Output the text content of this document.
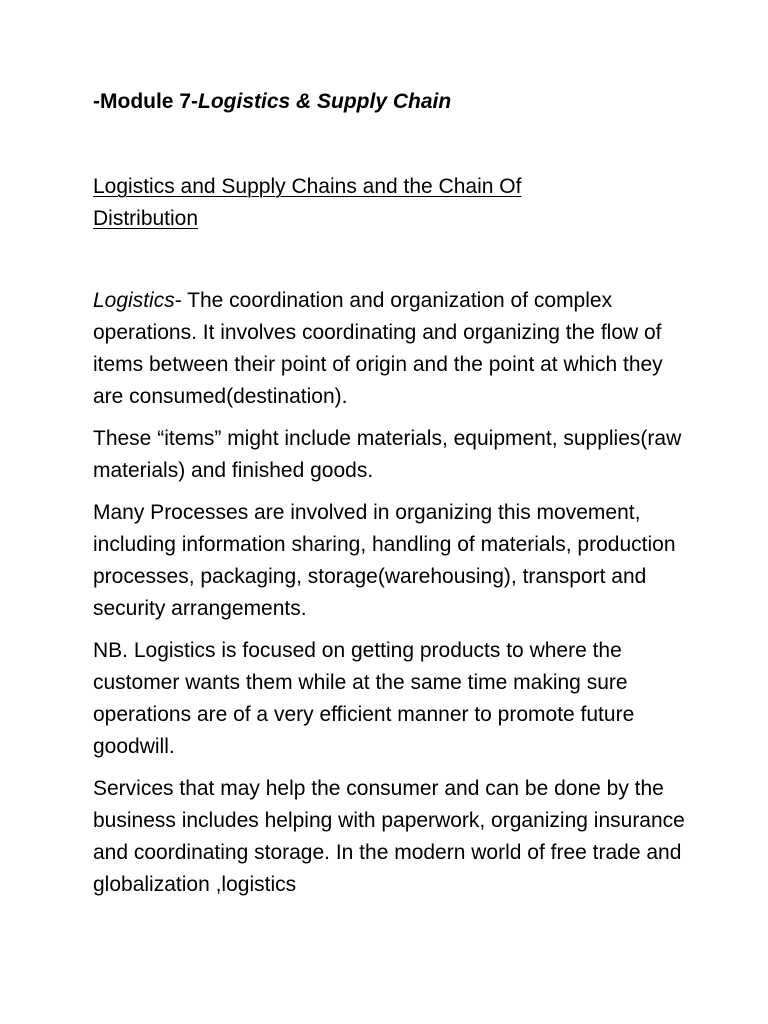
-Module 7-Logistics & Supply Chain
Logistics and Supply Chains and the Chain Of Distribution

Logistics- The coordination and organization of complex operations. It involves coordinating and organizing the flow of items between their point of origin and the point at which they are consumed(destination).

These “items” might include materials, equipment, supplies(raw materials) and finished goods.

Many Processes are involved in organizing this movement, including information sharing, handling of materials, production processes, packaging, storage(warehousing), transport and security arrangements.

NB. Logistics is focused on getting products to where the customer wants them while at the same time making sure operations are of a very efficient manner to promote future goodwill.

Services that may help the consumer and can be done by the business includes helping with paperwork, organizing insurance and coordinating storage. In the modern world of free trade and globalization ,logistics
